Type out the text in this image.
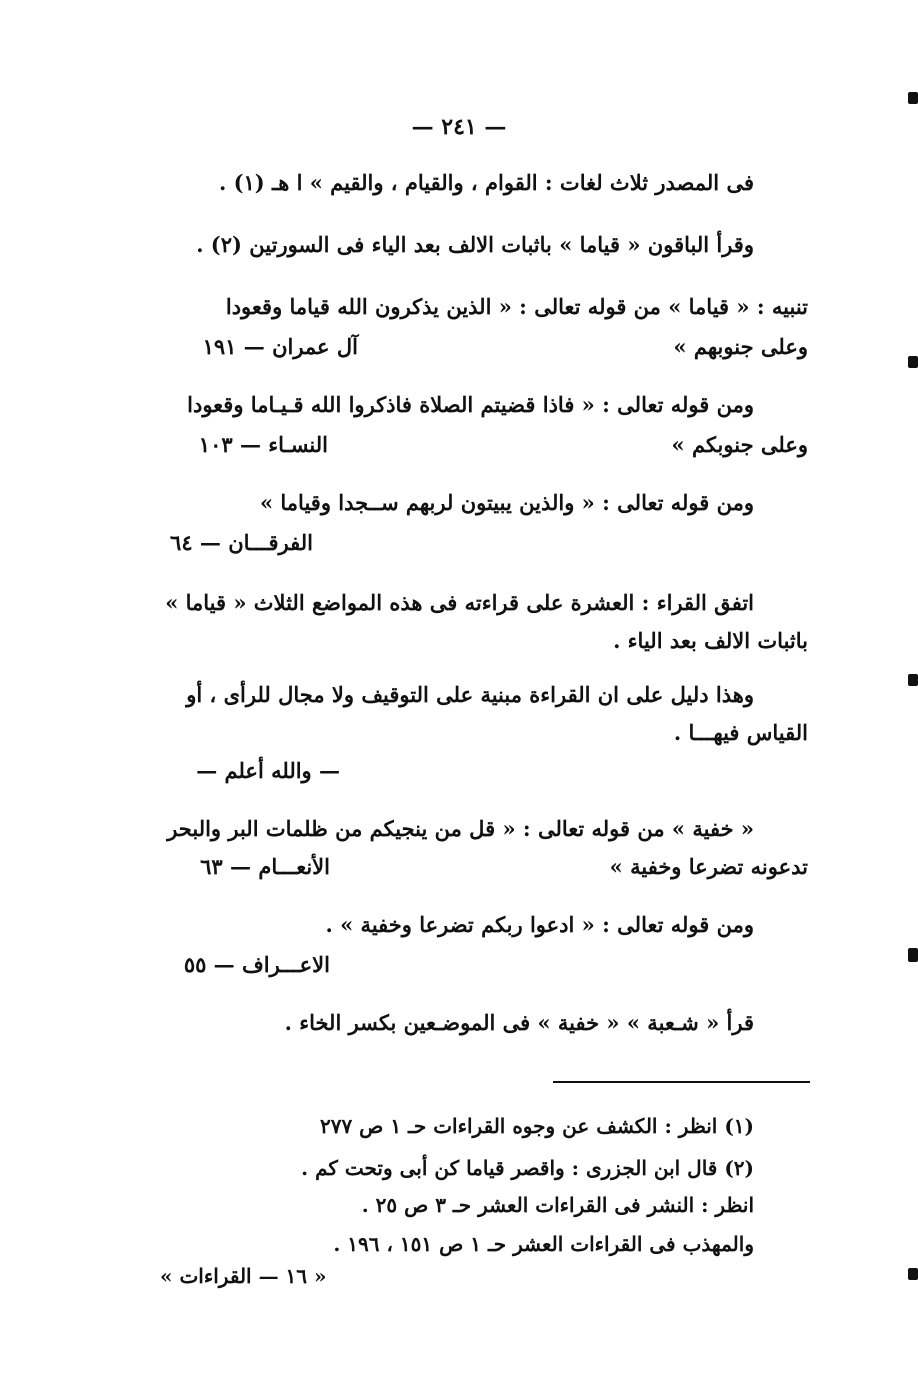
— ٢٤١ —
فى المصدر ثلاث لغات : القوام ، والقيام ، والقيم » ا هـ (١) .
وقرأ الباقون « قياما » باثبات الالف بعد الياء فى السورتين (٢) .
تنبيه : « قياما » من قوله تعالى : « الذين يذكرون الله قياما وقعودا
وعلى جنوبهم »
آل عمران — ١٩١
ومن قوله تعالى : « فاذا قضيتم الصلاة فاذكروا الله قـيـاما وقعودا
وعلى جنوبكم »
النسـاء — ١٠٣
ومن قوله تعالى : « والذين يبيتون لربهم ســجدا وقياما »
الفرقـــان — ٦٤
اتفق القراء : العشرة على قراءته فى هذه المواضع الثلاث « قياما »
باثبات الالف بعد الياء .
وهذا دليل على ان القراءة مبنية على التوقيف ولا مجال للرأى ، أو
القياس فيهـــا .
— والله أعلم —
« خفية » من قوله تعالى : « قل من ينجيكم من ظلمات البر والبحر
تدعونه تضرعا وخفية »
الأنعـــام — ٦٣
ومن قوله تعالى : « ادعوا ربكم تضرعا وخفية » .
الاعـــراف — ٥٥
قرأ « شـعبة » « خفية » فى الموضـعين بكسر الخاء .
(١) انظر : الكشف عن وجوه القراءات حـ ١ ص ٢٧٧
(٢) قال ابن الجزرى : واقصر قياما كن أبى وتحت كم .
انظر : النشر فى القراءات العشر حـ ٣ ص ٢٥ .
والمهذب فى القراءات العشر حـ ١ ص ١٥١ ، ١٩٦ .
« ١٦ — القراءات »
